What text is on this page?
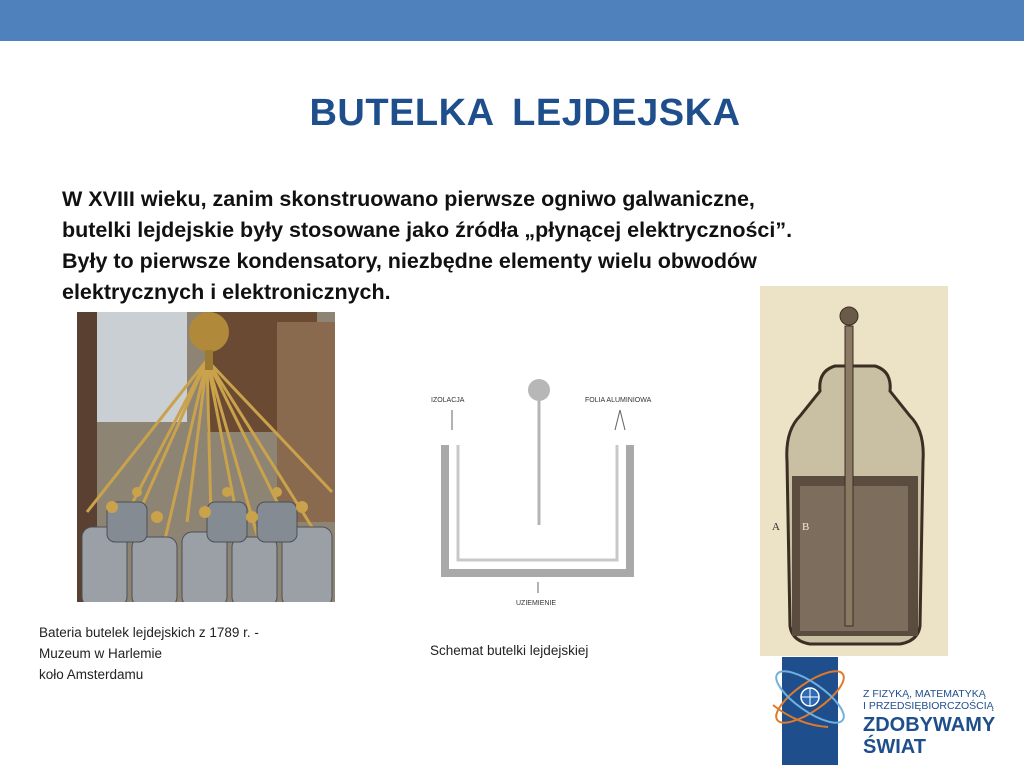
BUTELKA LEJDEJSKA

W XVIII wieku, zanim skonstruowano pierwsze ogniwo galwaniczne,
butelki lejdejskie były stosowane jako źródła „płynącej elektryczności”.
Były to pierwsze kondensatory, niezbędne elementy wielu obwodów
elektrycznych i elektronicznych.

IZOLACJA	FOLIA ALUMINIOWA
UZIEMIENIE
A B

Bateria butelek lejdejskich z 1789 r. -
Muzeum w Harlemie
koło Amsterdamu

Schemat butelki lejdejskiej

Z FIZYKĄ, MATEMATYKĄ
I PRZEDSIĘBIORCZOŚCIĄ
ZDOBYWAMY
ŚWIAT
